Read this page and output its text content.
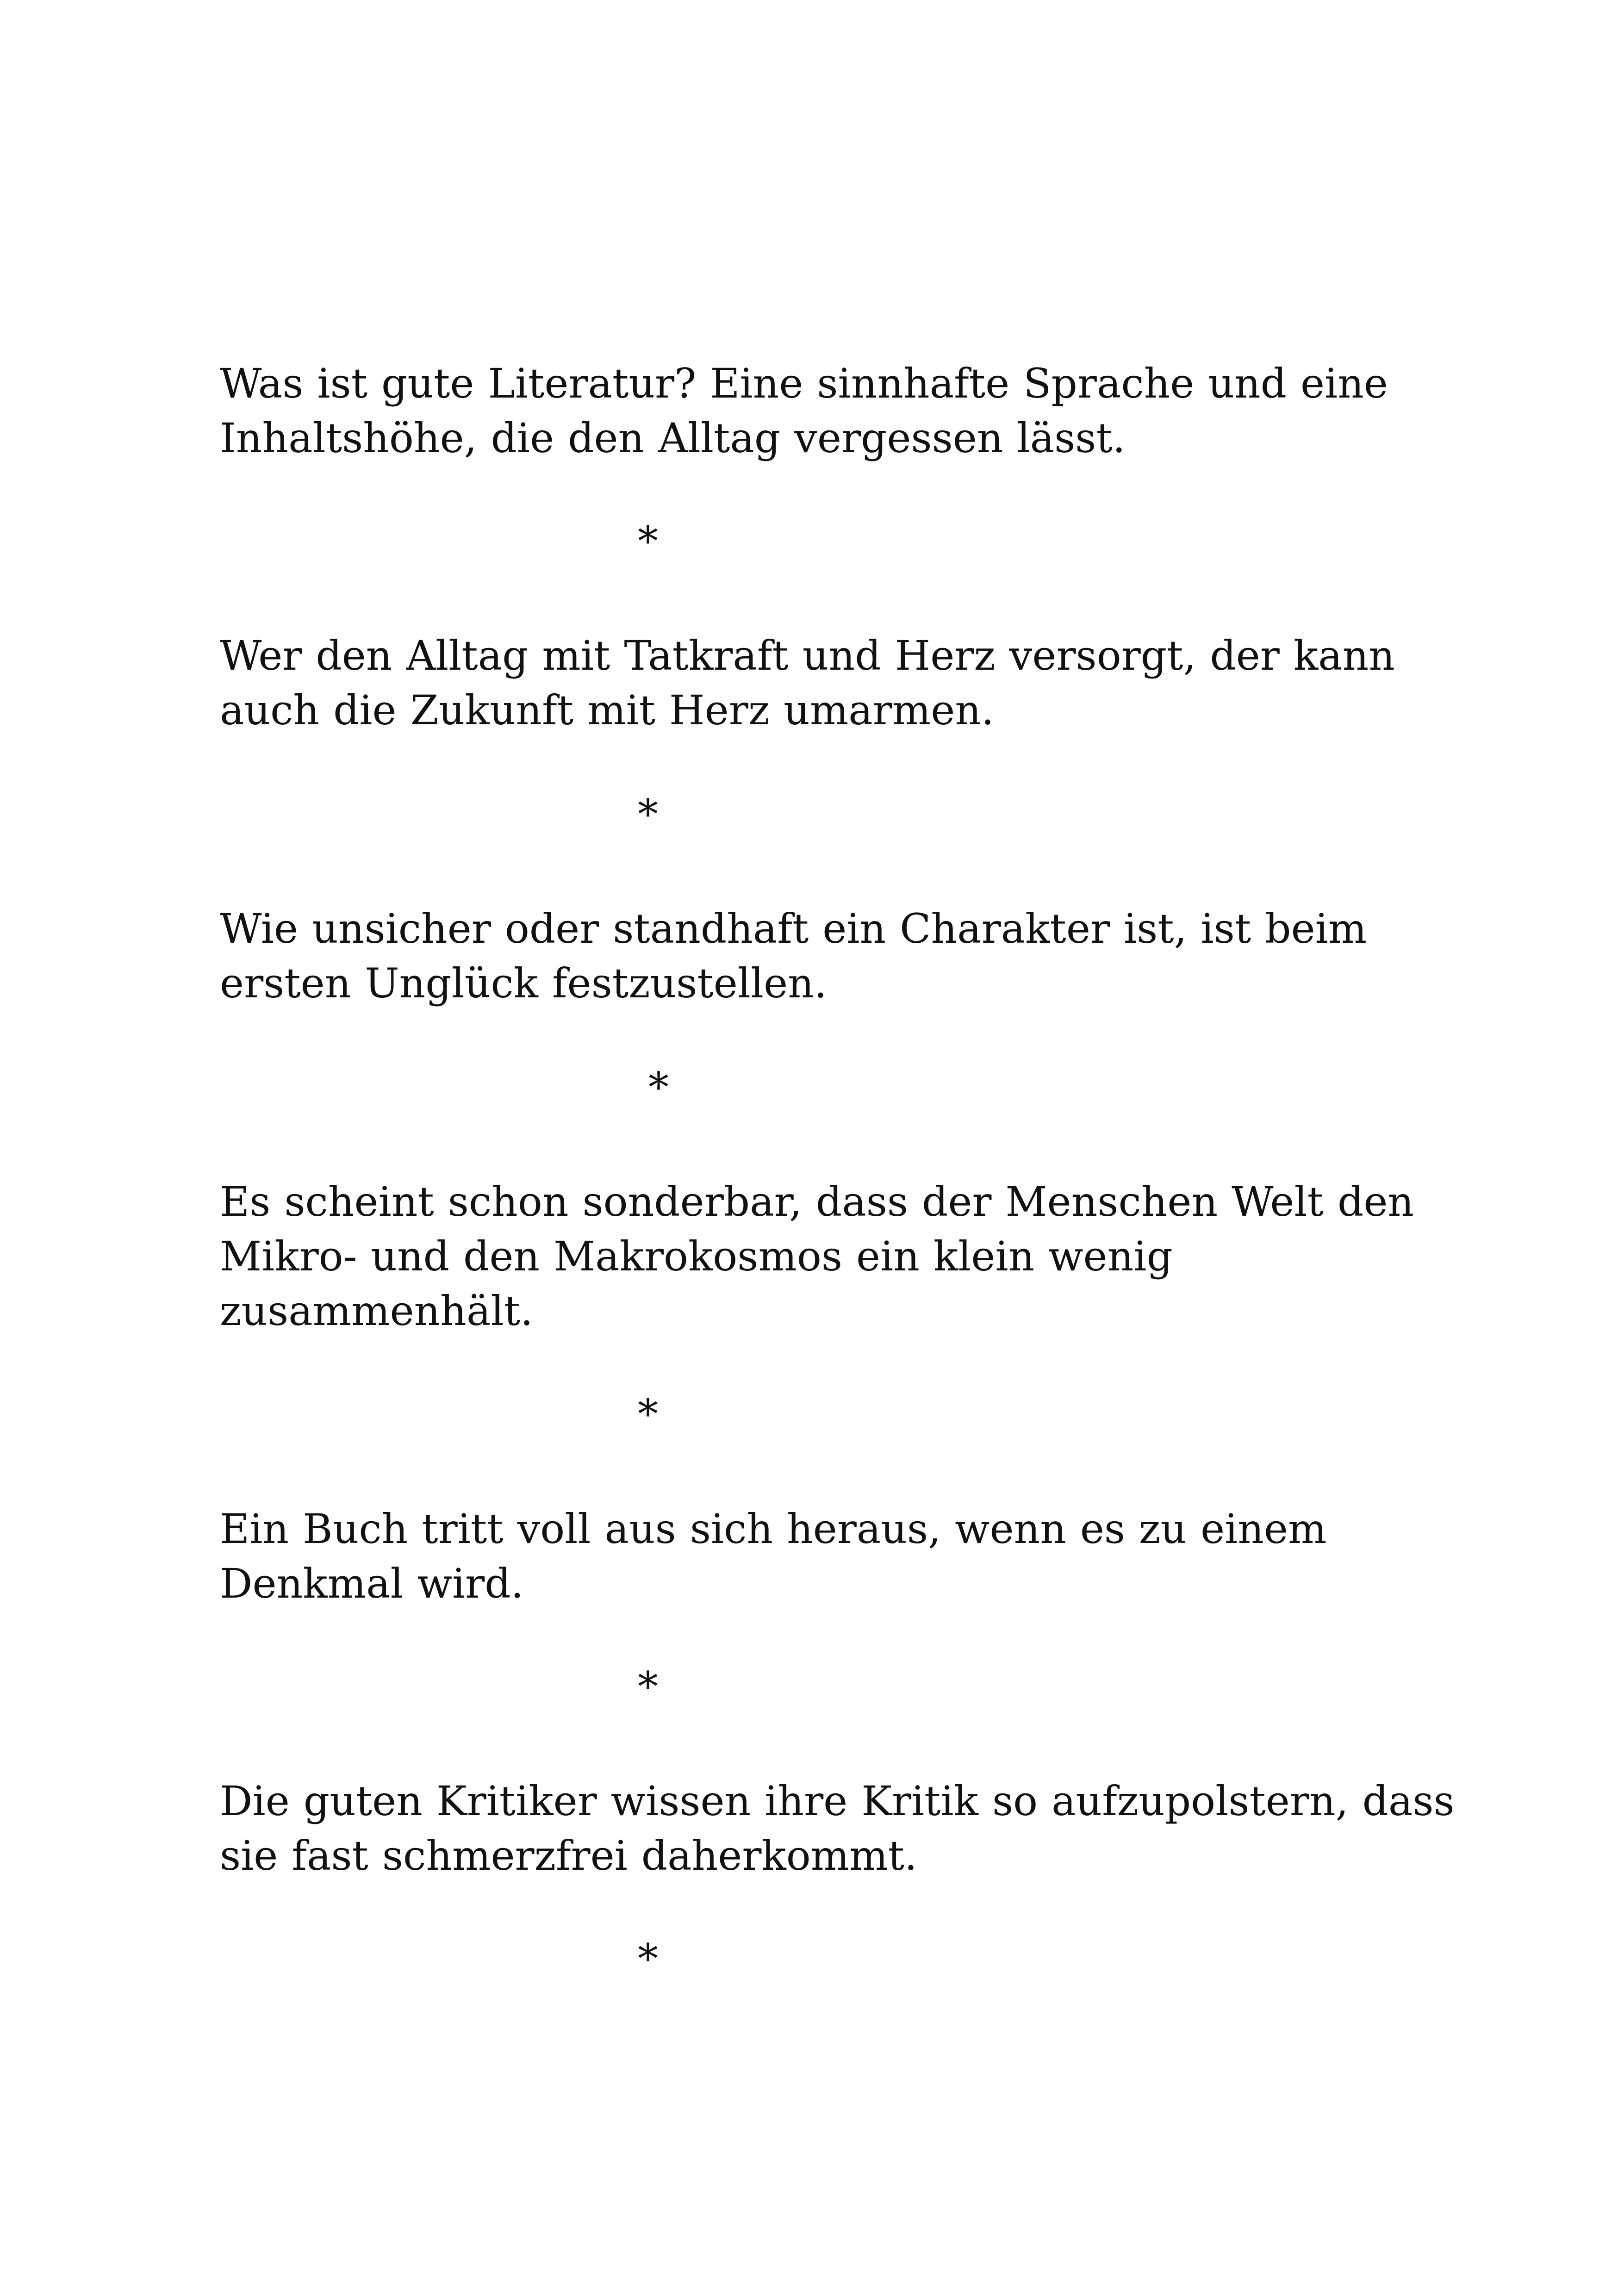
Was ist gute Literatur? Eine sinnhafte Sprache und eine
Inhaltshöhe, die den Alltag vergessen lässt.

*

Wer den Alltag mit Tatkraft und Herz versorgt, der kann
auch die Zukunft mit Herz umarmen.

*

Wie unsicher oder standhaft ein Charakter ist, ist beim
ersten Unglück festzustellen.

*

Es scheint schon sonderbar, dass der Menschen Welt den
Mikro- und den Makrokosmos ein klein wenig
zusammenhält.

*

Ein Buch tritt voll aus sich heraus, wenn es zu einem
Denkmal wird.

*

Die guten Kritiker wissen ihre Kritik so aufzupolstern, dass
sie fast schmerzfrei daherkommt.

*
